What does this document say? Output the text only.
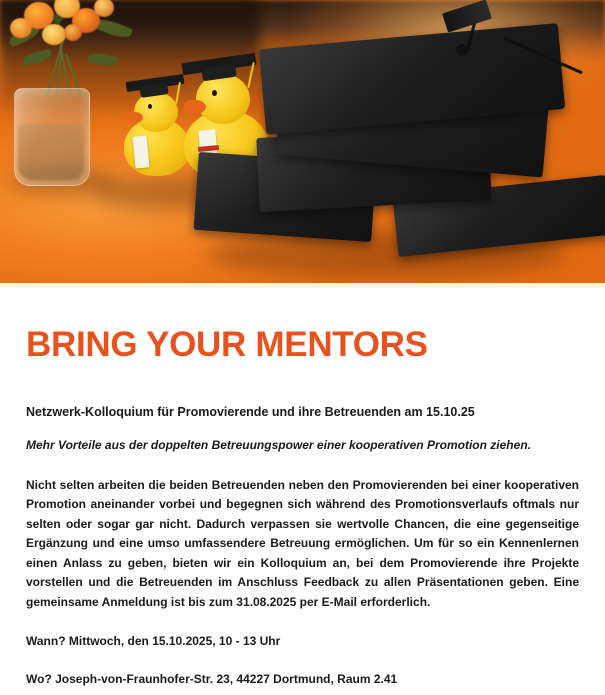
BRING YOUR MENTORS

Netzwerk-Kolloquium für Promovierende und ihre Betreuenden am 15.10.25

Mehr Vorteile aus der doppelten Betreuungspower einer kooperativen Promotion ziehen.

Nicht selten arbeiten die beiden Betreuenden neben den Promovierenden bei einer kooperativen Promotion aneinander vorbei und begegnen sich während des Promotionsverlaufs oftmals nur selten oder sogar gar nicht. Dadurch verpassen sie wertvolle Chancen, die eine gegenseitige Ergänzung und eine umso umfassendere Betreuung ermöglichen. Um für so ein Kennenlernen einen Anlass zu geben, bieten wir ein Kolloquium an, bei dem Promovierende ihre Projekte vorstellen und die Betreuenden im Anschluss Feedback zu allen Präsentationen geben. Eine gemeinsame Anmeldung ist bis zum 31.08.2025 per E-Mail erforderlich.

Wann? Mittwoch, den 15.10.2025, 10 - 13 Uhr

Wo? Joseph-von-Fraunhofer-Str. 23, 44227 Dortmund, Raum 2.41
